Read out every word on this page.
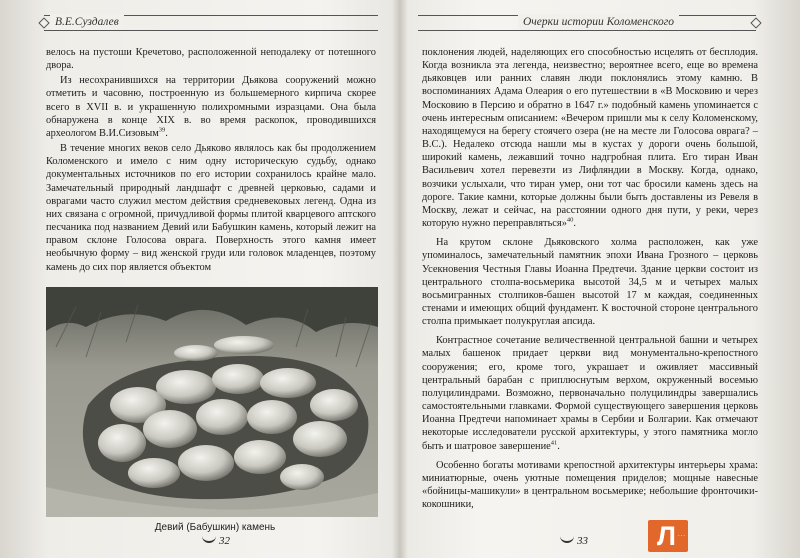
В.Е.Суздалев

велось на пустоши Кречетово, расположенной неподалеку от потешного двора.

Из несохранившихся на территории Дьякова сооружений можно отметить и часовню, построенную из большемерного кирпича скорее всего в XVII в. и украшенную полихромными изразцами. Она была обнаружена в конце XIX в. во время раскопок, проводившихся археологом В.И.Сизовым$^{39}$.

В течение многих веков село Дьяково являлось как бы продолжением Коломенского и имело с ним одну историческую судьбу, однако документальных источников по его истории сохранилось крайне мало. Замечательный природный ландшафт с древней церковью, садами и оврагами часто служил местом действия средневековых легенд. Одна из них связана с огромной, причудливой формы плитой кварцевого аптского песчаника под названием Девий или Бабушкин камень, который лежит на правом склоне Голосова оврага. Поверхность этого камня имеет необычную форму – вид женской груди или головок младенцев, поэтому камень до сих пор является объектом

Девий (Бабушкин) камень
32
Очерки истории Коломенского

поклонения людей, наделяющих его способностью исцелять от бесплодия. Когда возникла эта легенда, неизвестно; вероятнее всего, еще во времена дьяковцев или ранних славян люди поклонялись этому камню. В воспоминаниях Адама Олеария о его путешествии в «В Московию и через Московию в Персию и обратно в 1647 г.» подобный камень упоминается с очень интересным описанием: «Вечером пришли мы к селу Коломенскому, находящемуся на берегу стоячего озера (не на месте ли Голосова оврага? – В.С.). Недалеко отсюда нашли мы в кустах у дороги очень большой, широкий камень, лежавший точно надгробная плита. Его тиран Иван Васильевич хотел перевезти из Лифляндии в Москву. Когда, однако, возчики услыхали, что тиран умер, они тот час бросили камень здесь на дороге. Такие камни, которые должны были быть доставлены из Ревеля в Москву, лежат и сейчас, на расстоянии одного дня пути, у реки, через которую нужно переправляться»$^{40}$.

На крутом склоне Дьяковского холма расположен, как уже упоминалось, замечательный памятник эпохи Ивана Грозного – церковь Усекновения Честныя Главы Иоанна Предтечи. Здание церкви состоит из центрального столпа-восьмерика высотой 34,5 м и четырех малых восьмигранных столпиков-башен высотой 17 м каждая, соединенных стенами и имеющих общий фундамент. К восточной стороне центрального столпа примыкает полукруглая апсида.

Контрастное сочетание величественной центральной башни и четырех малых башенок придает церкви вид монументально-крепостного сооружения; его, кроме того, украшает и оживляет массивный центральный барабан с приплюснутым верхом, окруженный восемью полуцилиндрами. Возможно, первоначально полуцилиндры завершались самостоятельными главками. Формой существующего завершения церковь Иоанна Предтечи напоминает храмы в Сербии и Болгарии. Как отмечают некоторые исследователи русской архитектуры, у этого памятника могло быть и шатровое завершение$^{41}$.

Особенно богаты мотивами крепостной архитектуры интерьеры храма: миниатюрные, очень уютные помещения приделов; мощные навесные «бойницы-машикули» в центральном восьмерике; небольшие фронточики-кокошники,

33	Л ...
